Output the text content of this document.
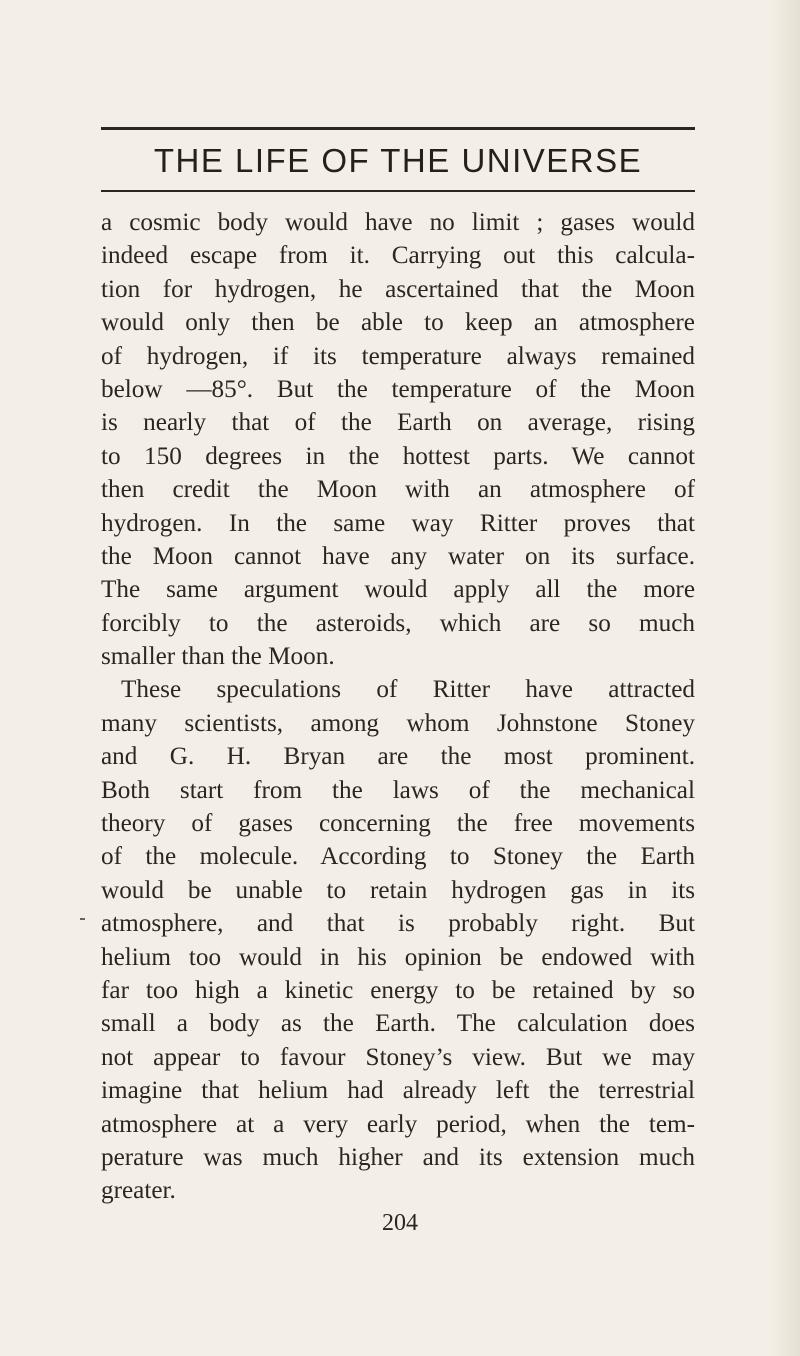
THE LIFE OF THE UNIVERSE
a cosmic body would have no limit ; gases would
indeed escape from it. Carrying out this calcula-
tion for hydrogen, he ascertained that the Moon
would only then be able to keep an atmosphere
of hydrogen, if its temperature always remained
below —85°. But the temperature of the Moon
is nearly that of the Earth on average, rising
to 150 degrees in the hottest parts. We cannot
then credit the Moon with an atmosphere of
hydrogen. In the same way Ritter proves that
the Moon cannot have any water on its surface.
The same argument would apply all the more
forcibly to the asteroids, which are so much
smaller than the Moon.
These speculations of Ritter have attracted
many scientists, among whom Johnstone Stoney
and G. H. Bryan are the most prominent.
Both start from the laws of the mechanical
theory of gases concerning the free movements
of the molecule. According to Stoney the Earth
would be unable to retain hydrogen gas in its
atmosphere, and that is probably right. But
helium too would in his opinion be endowed with
far too high a kinetic energy to be retained by so
small a body as the Earth. The calculation does
not appear to favour Stoney’s view. But we may
imagine that helium had already left the terrestrial
atmosphere at a very early period, when the tem-
perature was much higher and its extension much
greater.
204
